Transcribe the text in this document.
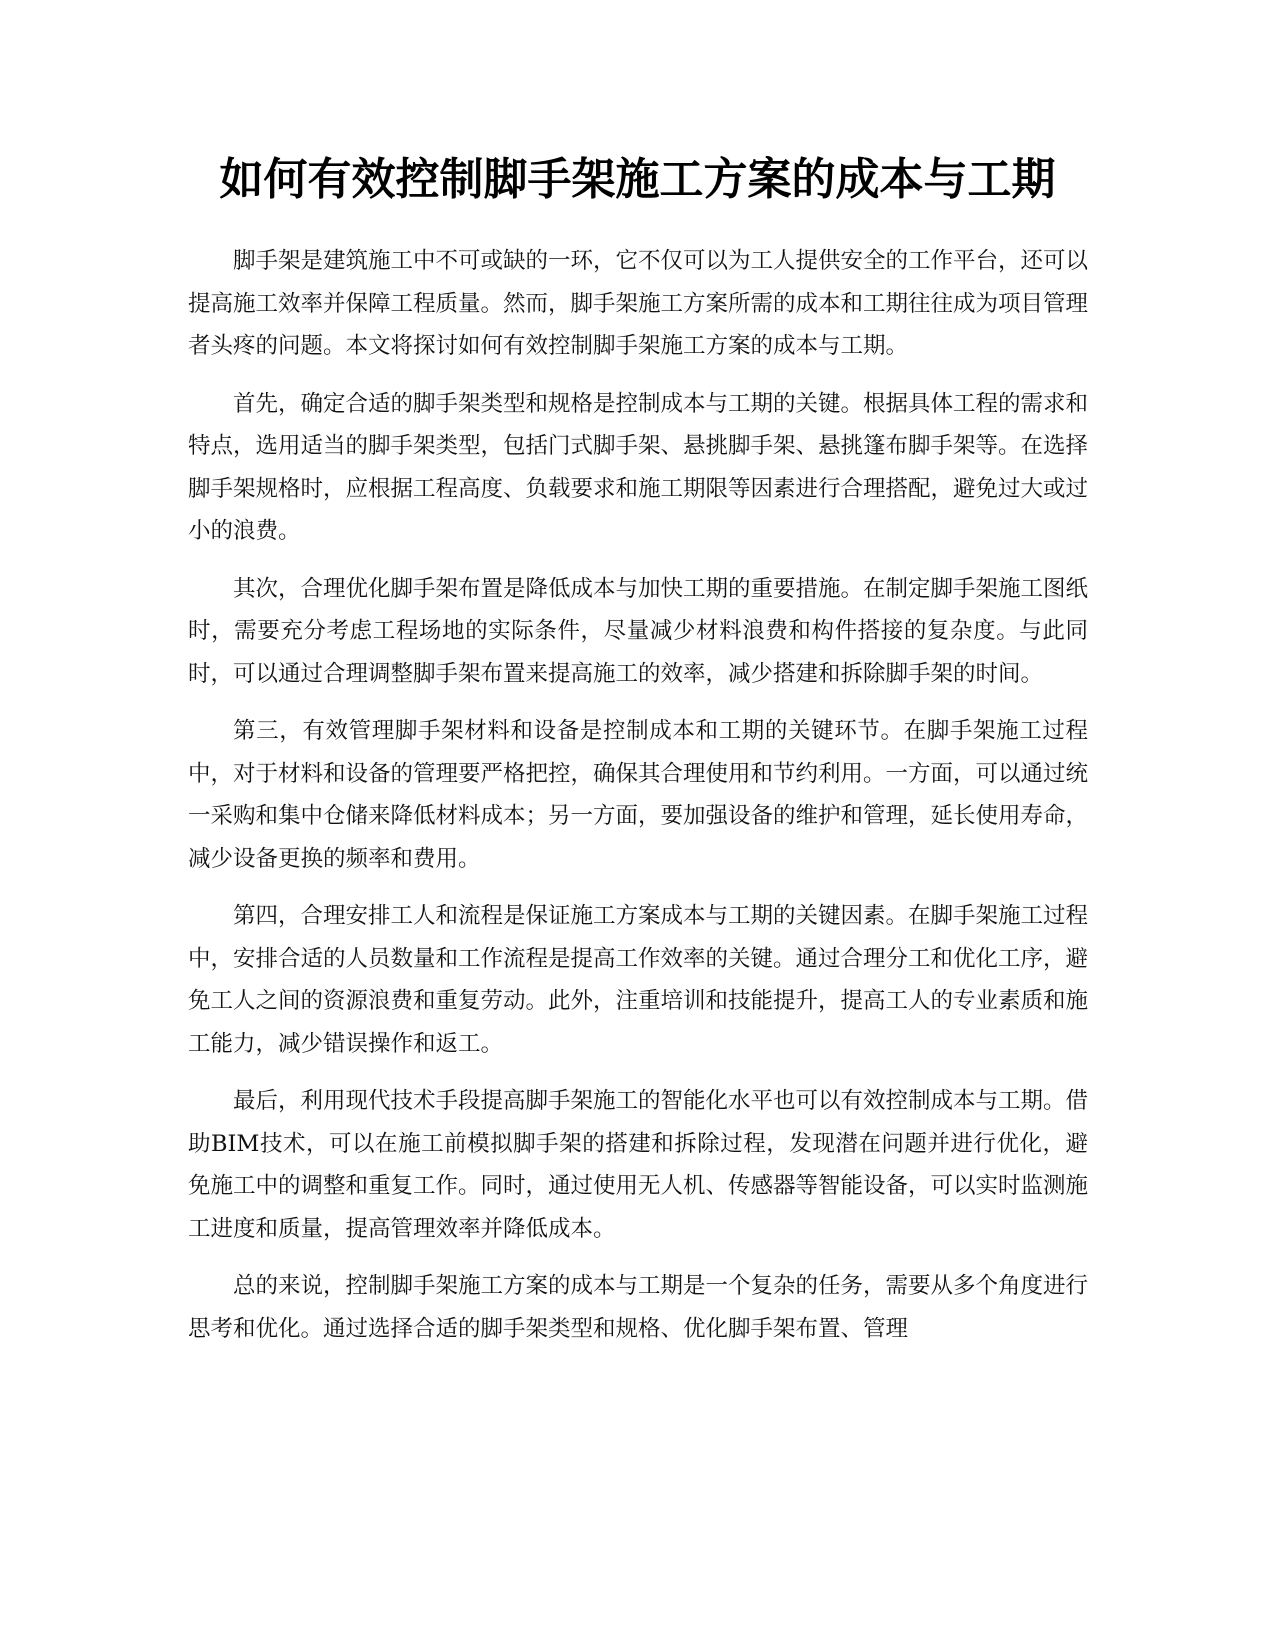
如何有效控制脚手架施工方案的成本与工期

脚手架是建筑施工中不可或缺的一环，它不仅可以为工人提供安全的工作平台，还可以提高施工效率并保障工程质量。然而，脚手架施工方案所需的成本和工期往往成为项目管理者头疼的问题。本文将探讨如何有效控制脚手架施工方案的成本与工期。

首先，确定合适的脚手架类型和规格是控制成本与工期的关键。根据具体工程的需求和特点，选用适当的脚手架类型，包括门式脚手架、悬挑脚手架、悬挑篷布脚手架等。在选择脚手架规格时，应根据工程高度、负载要求和施工期限等因素进行合理搭配，避免过大或过小的浪费。

其次，合理优化脚手架布置是降低成本与加快工期的重要措施。在制定脚手架施工图纸时，需要充分考虑工程场地的实际条件，尽量减少材料浪费和构件搭接的复杂度。与此同时，可以通过合理调整脚手架布置来提高施工的效率，减少搭建和拆除脚手架的时间。

第三，有效管理脚手架材料和设备是控制成本和工期的关键环节。在脚手架施工过程中，对于材料和设备的管理要严格把控，确保其合理使用和节约利用。一方面，可以通过统一采购和集中仓储来降低材料成本；另一方面，要加强设备的维护和管理，延长使用寿命，减少设备更换的频率和费用。

第四，合理安排工人和流程是保证施工方案成本与工期的关键因素。在脚手架施工过程中，安排合适的人员数量和工作流程是提高工作效率的关键。通过合理分工和优化工序，避免工人之间的资源浪费和重复劳动。此外，注重培训和技能提升，提高工人的专业素质和施工能力，减少错误操作和返工。

最后，利用现代技术手段提高脚手架施工的智能化水平也可以有效控制成本与工期。借助BIM技术，可以在施工前模拟脚手架的搭建和拆除过程，发现潜在问题并进行优化，避免施工中的调整和重复工作。同时，通过使用无人机、传感器等智能设备，可以实时监测施工进度和质量，提高管理效率并降低成本。

总的来说，控制脚手架施工方案的成本与工期是一个复杂的任务，需要从多个角度进行思考和优化。通过选择合适的脚手架类型和规格、优化脚手架布置、管理
